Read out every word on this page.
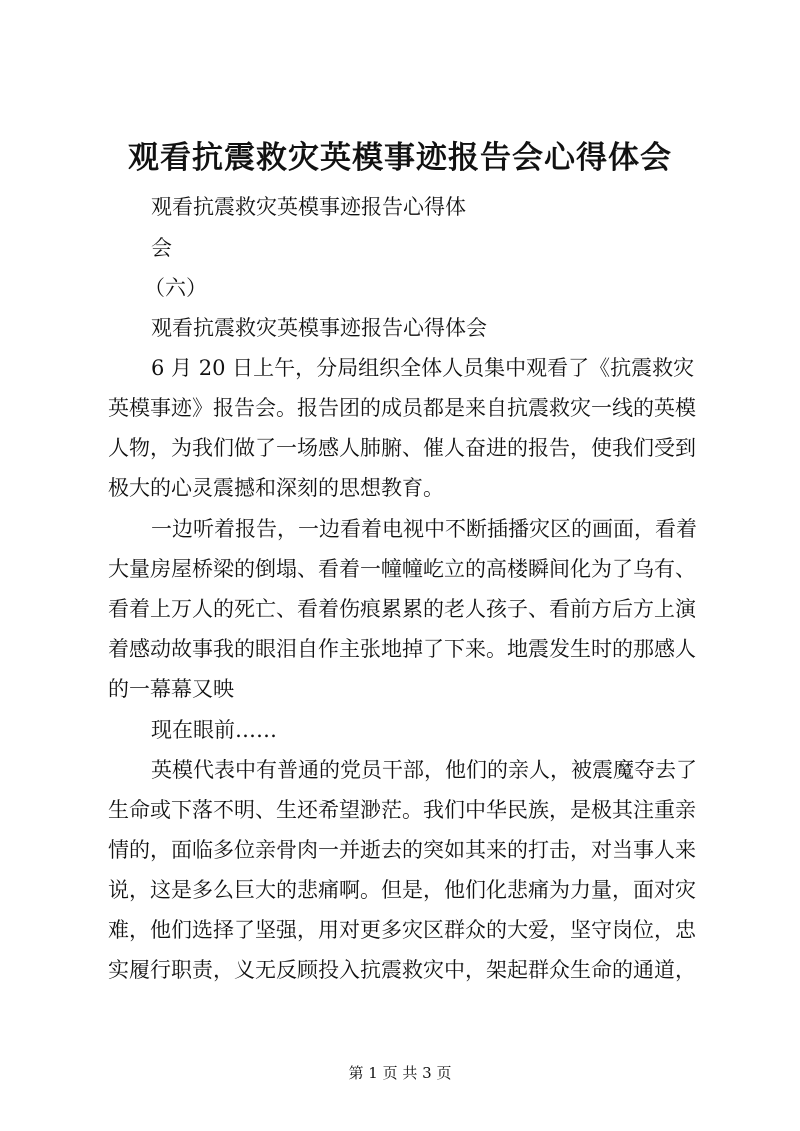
观看抗震救灾英模事迹报告会心得体会
观看抗震救灾英模事迹报告心得体
会
（六）
观看抗震救灾英模事迹报告心得体会
6 月 20 日上午，分局组织全体人员集中观看了《抗震救灾
英模事迹》报告会。报告团的成员都是来自抗震救灾一线的英模
人物，为我们做了一场感人肺腑、催人奋进的报告，使我们受到
极大的心灵震撼和深刻的思想教育。
一边听着报告，一边看着电视中不断插播灾区的画面，看着
大量房屋桥梁的倒塌、看着一幢幢屹立的高楼瞬间化为了乌有、
看着上万人的死亡、看着伤痕累累的老人孩子、看前方后方上演
着感动故事我的眼泪自作主张地掉了下来。地震发生时的那感人
的一幕幕又映
现在眼前……
英模代表中有普通的党员干部，他们的亲人，被震魔夺去了
生命或下落不明、生还希望渺茫。我们中华民族，是极其注重亲
情的，面临多位亲骨肉一并逝去的突如其来的打击，对当事人来
说，这是多么巨大的悲痛啊。但是，他们化悲痛为力量，面对灾
难，他们选择了坚强，用对更多灾区群众的大爱，坚守岗位，忠
实履行职责，义无反顾投入抗震救灾中，架起群众生命的通道，
第 1 页 共 3 页
